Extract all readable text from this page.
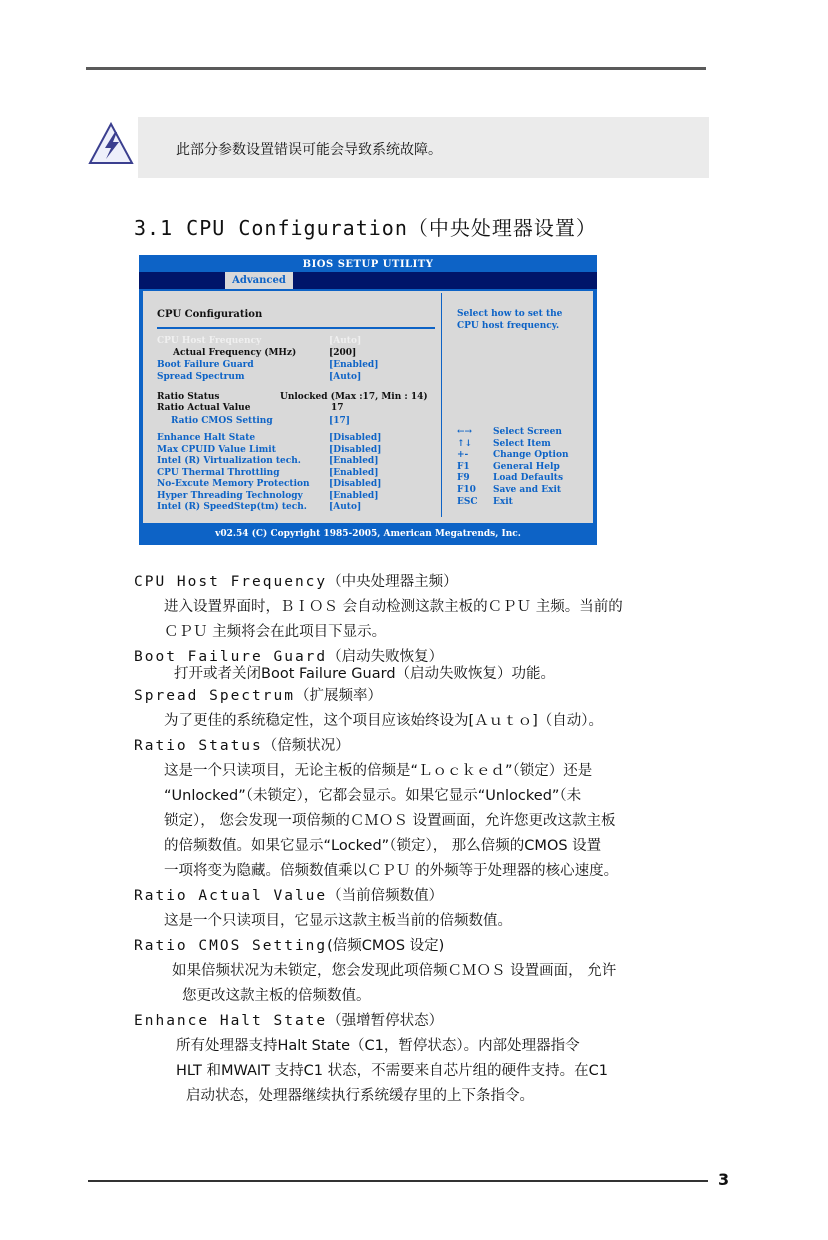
此部分参数设置错误可能会导致系统故障。
3.1 CPU Configuration（中央处理器设置）
BIOS SETUP UTILITY
Advanced
CPU Configuration
CPU Host Frequency	[Auto]
Actual Frequency (MHz)	[200]
Boot Failure Guard	[Enabled]
Spread Spectrum	[Auto]
Ratio Status	Unlocked (Max :17, Min : 14)
Ratio Actual Value	17
Ratio CMOS Setting	[17]
Enhance Halt State	[Disabled]
Max CPUID Value Limit	[Disabled]
Intel (R) Virtualization tech.	[Enabled]
CPU Thermal Throttling	[Enabled]
No-Excute Memory Protection [Disabled]
Hyper Threading Technology	[Enabled]
Intel (R) SpeedStep(tm) tech. [Auto]
Select how to set the CPU host frequency.
←→ Select Screen
↑↓ Select Item
+-	Change Option
F1	General Help
F9	Load Defaults
F10 Save and Exit
ESC Exit
v02.54 (C) Copyright 1985-2005, American Megatrends, Inc.
CPU Host Frequency（中央处理器主频）
进入设置界面时，ＢＩＯＳ 会自动检测这款主板的ＣＰＵ 主频。当前的
ＣＰＵ 主频将会在此项目下显示。
Boot Failure Guard（启动失败恢复）
打开或者关闭Boot Failure Guard（启动失败恢复）功能。
Spread Spectrum（扩展频率）
为了更佳的系统稳定性，这个项目应该始终设为[Ａｕｔｏ]（自动）。
Ratio Status（倍频状况）
这是一个只读项目，无论主板的倍频是“Ｌｏｃｋｅｄ”（锁定）还是
“Unlocked”（未锁定），它都会显示。如果它显示“Unlocked”（未
锁定）， 您会发现一项倍频的ＣＭＯＳ 设置画面，允许您更改这款主板
的倍频数值。如果它显示“Locked”（锁定）， 那么倍频的CMOS 设置
一项将变为隐藏。倍频数值乘以ＣＰＵ 的外频等于处理器的核心速度。
Ratio Actual Value（当前倍频数值）
这是一个只读项目，它显示这款主板当前的倍频数值。
Ratio CMOS Setting(倍频CMOS 设定)
如果倍频状况为未锁定，您会发现此项倍频ＣＭＯＳ 设置画面， 允许
您更改这款主板的倍频数值。
Enhance Halt State（强增暂停状态）
所有处理器支持Halt State（C1，暂停状态）。内部处理器指令
HLT 和MWAIT 支持C1 状态，不需要来自芯片组的硬件支持。在C1
启动状态，处理器继续执行系统缓存里的上下条指令。
3
